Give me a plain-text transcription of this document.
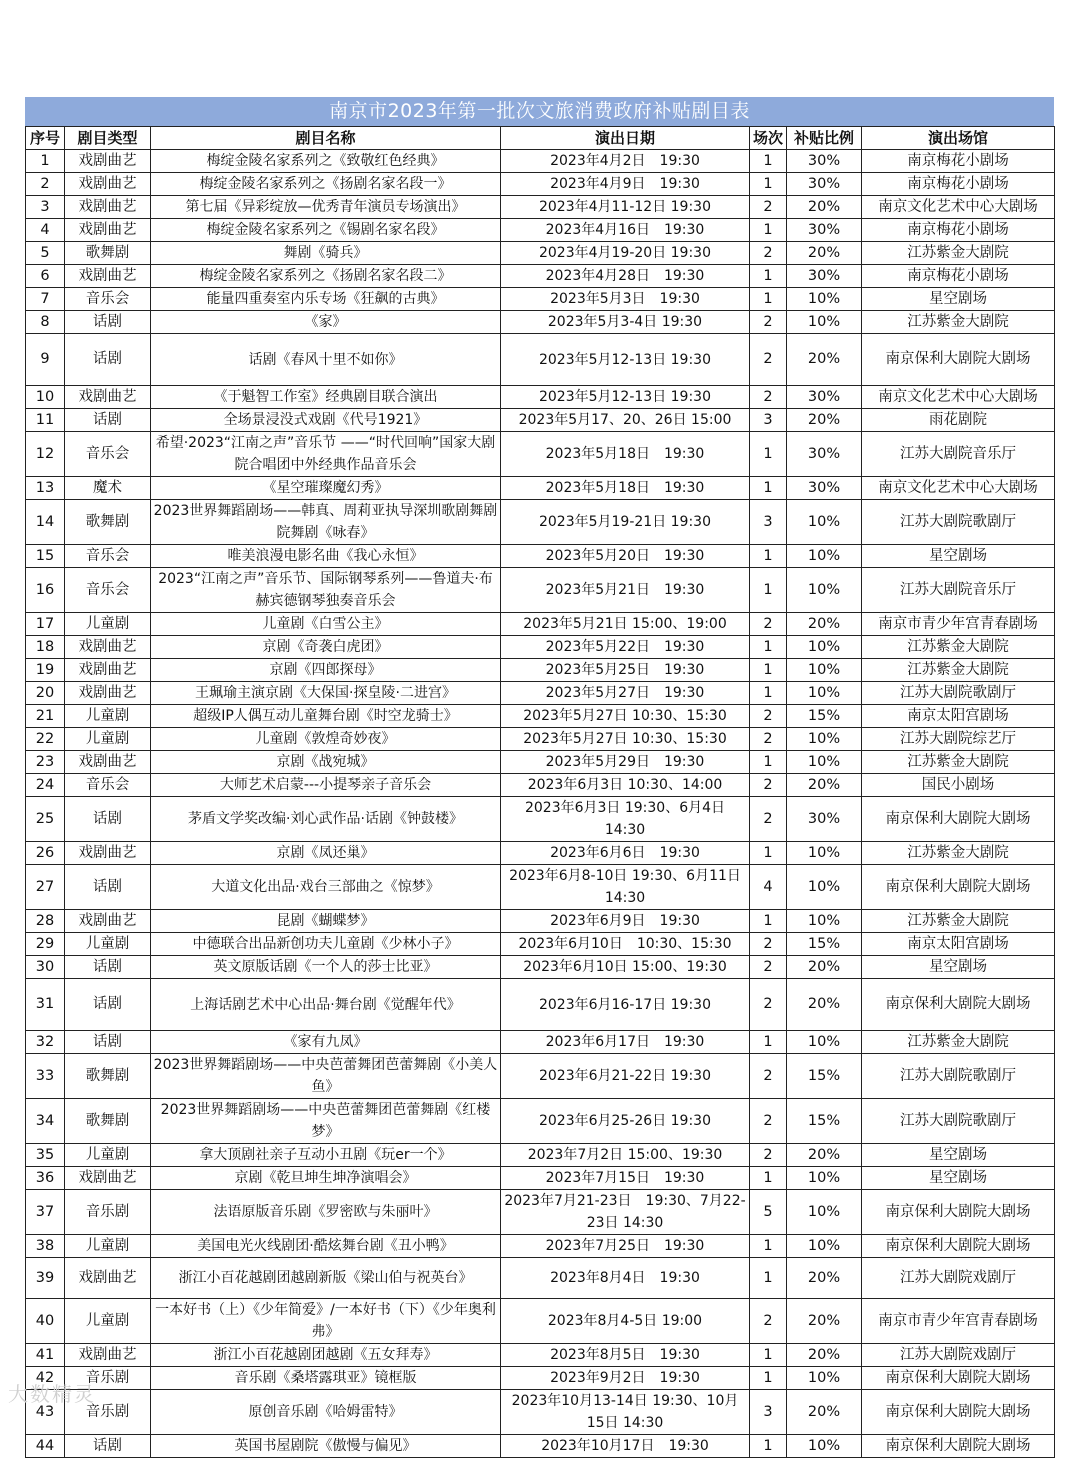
南京市2023年第一批次文旅消费政府补贴剧目表
序号	剧目类型	剧目名称	演出日期	场次	补贴比例	演出场馆
1	戏剧曲艺	梅绽金陵名家系列之《致敬红色经典》	2023年4月2日　19:30	1	30%	南京梅花小剧场
2	戏剧曲艺	梅绽金陵名家系列之《扬剧名家名段一》	2023年4月9日　19:30	1	30%	南京梅花小剧场
3	戏剧曲艺	第七届《异彩绽放—优秀青年演员专场演出》	2023年4月11-12日 19:30	2	20%	南京文化艺术中心大剧场
4	戏剧曲艺	梅绽金陵名家系列之《锡剧名家名段》	2023年4月16日　19:30	1	30%	南京梅花小剧场
5	歌舞剧	舞剧《骑兵》	2023年4月19-20日 19:30	2	20%	江苏紫金大剧院
6	戏剧曲艺	梅绽金陵名家系列之《扬剧名家名段二》	2023年4月28日　19:30	1	30%	南京梅花小剧场
7	音乐会	能量四重奏室内乐专场《狂飙的古典》	2023年5月3日　19:30	1	10%	星空剧场
8	话剧	《家》	2023年5月3-4日 19:30	2	10%	江苏紫金大剧院
9	话剧	话剧《春风十里不如你》	2023年5月12-13日 19:30	2	20%	南京保利大剧院大剧场
10	戏剧曲艺	《于魁智工作室》经典剧目联合演出	2023年5月12-13日 19:30	2	30%	南京文化艺术中心大剧场
11	话剧	全场景浸没式戏剧《代号1921》	2023年5月17、20、26日 15:00	3	20%	雨花剧院
12	音乐会	希望·2023“江南之声”音乐节 ——“时代回响”国家大剧院合唱团中外经典作品音乐会	2023年5月18日　19:30	1	30%	江苏大剧院音乐厅
13	魔术	《星空璀璨魔幻秀》	2023年5月18日　19:30	1	30%	南京文化艺术中心大剧场
14	歌舞剧	2023世界舞蹈剧场——韩真、周莉亚执导深圳歌剧舞剧院舞剧《咏春》	2023年5月19-21日 19:30	3	10%	江苏大剧院歌剧厅
15	音乐会	唯美浪漫电影名曲《我心永恒》	2023年5月20日　19:30	1	10%	星空剧场
16	音乐会	2023“江南之声”音乐节、国际钢琴系列——鲁道夫·布赫宾德钢琴独奏音乐会	2023年5月21日　19:30	1	10%	江苏大剧院音乐厅
17	儿童剧	儿童剧《白雪公主》	2023年5月21日 15:00、19:00	2	20%	南京市青少年宫青春剧场
18	戏剧曲艺	京剧《奇袭白虎团》	2023年5月22日　19:30	1	10%	江苏紫金大剧院
19	戏剧曲艺	京剧《四郎探母》	2023年5月25日　19:30	1	10%	江苏紫金大剧院
20	戏剧曲艺	王珮瑜主演京剧《大保国·探皇陵·二进宫》	2023年5月27日　19:30	1	10%	江苏大剧院歌剧厅
21	儿童剧	超级IP人偶互动儿童舞台剧《时空龙骑士》	2023年5月27日 10:30、15:30	2	15%	南京太阳宫剧场
22	儿童剧	儿童剧《敦煌奇妙夜》	2023年5月27日 10:30、15:30	2	10%	江苏大剧院综艺厅
23	戏剧曲艺	京剧《战宛城》	2023年5月29日　19:30	1	10%	江苏紫金大剧院
24	音乐会	大师艺术启蒙---小提琴亲子音乐会	2023年6月3日 10:30、14:00	2	20%	国民小剧场
25	话剧	茅盾文学奖改编·刘心武作品·话剧《钟鼓楼》	2023年6月3日 19:30、6月4日 14:30	2	30%	南京保利大剧院大剧场
26	戏剧曲艺	京剧《凤还巢》	2023年6月6日　19:30	1	10%	江苏紫金大剧院
27	话剧	大道文化出品·戏台三部曲之《惊梦》	2023年6月8-10日 19:30、6月11日 14:30	4	10%	南京保利大剧院大剧场
28	戏剧曲艺	昆剧《蝴蝶梦》	2023年6月9日　19:30	1	10%	江苏紫金大剧院
29	儿童剧	中德联合出品新创功夫儿童剧《少林小子》	2023年6月10日　10:30、15:30	2	15%	南京太阳宫剧场
30	话剧	英文原版话剧《一个人的莎士比亚》	2023年6月10日 15:00、19:30	2	20%	星空剧场
31	话剧	上海话剧艺术中心出品·舞台剧《觉醒年代》	2023年6月16-17日 19:30	2	20%	南京保利大剧院大剧场
32	话剧	《家有九凤》	2023年6月17日　19:30	1	10%	江苏紫金大剧院
33	歌舞剧	2023世界舞蹈剧场——中央芭蕾舞团芭蕾舞剧《小美人鱼》	2023年6月21-22日 19:30	2	15%	江苏大剧院歌剧厅
34	歌舞剧	2023世界舞蹈剧场——中央芭蕾舞团芭蕾舞剧《红楼梦》	2023年6月25-26日 19:30	2	15%	江苏大剧院歌剧厅
35	儿童剧	拿大顶剧社亲子互动小丑剧《玩er一个》	2023年7月2日 15:00、19:30	2	20%	星空剧场
36	戏剧曲艺	京剧《乾旦坤生坤净演唱会》	2023年7月15日　19:30	1	10%	星空剧场
37	音乐剧	法语原版音乐剧《罗密欧与朱丽叶》	2023年7月21-23日　19:30、7月22-23日 14:30	5	10%	南京保利大剧院大剧场
38	儿童剧	美国电光火线剧团·酷炫舞台剧《丑小鸭》	2023年7月25日　19:30	1	10%	南京保利大剧院大剧场
39	戏剧曲艺	浙江小百花越剧团越剧新版《梁山伯与祝英台》	2023年8月4日　19:30	1	20%	江苏大剧院戏剧厅
40	儿童剧	一本好书（上）《少年简爱》/一本好书（下）《少年奥利弗》	2023年8月4-5日 19:00	2	20%	南京市青少年宫青春剧场
41	戏剧曲艺	浙江小百花越剧团越剧《五女拜寿》	2023年8月5日　19:30	1	20%	江苏大剧院戏剧厅
42	音乐剧	音乐剧《桑塔露琪亚》镜框版	2023年9月2日　19:30	1	10%	南京保利大剧院大剧场
43	音乐剧	原创音乐剧《哈姆雷特》	2023年10月13-14日 19:30、10月15日 14:30	3	20%	南京保利大剧院大剧场
44	话剧	英国书屋剧院《傲慢与偏见》	2023年10月17日　19:30	1	10%	南京保利大剧院大剧场
大数精灵
